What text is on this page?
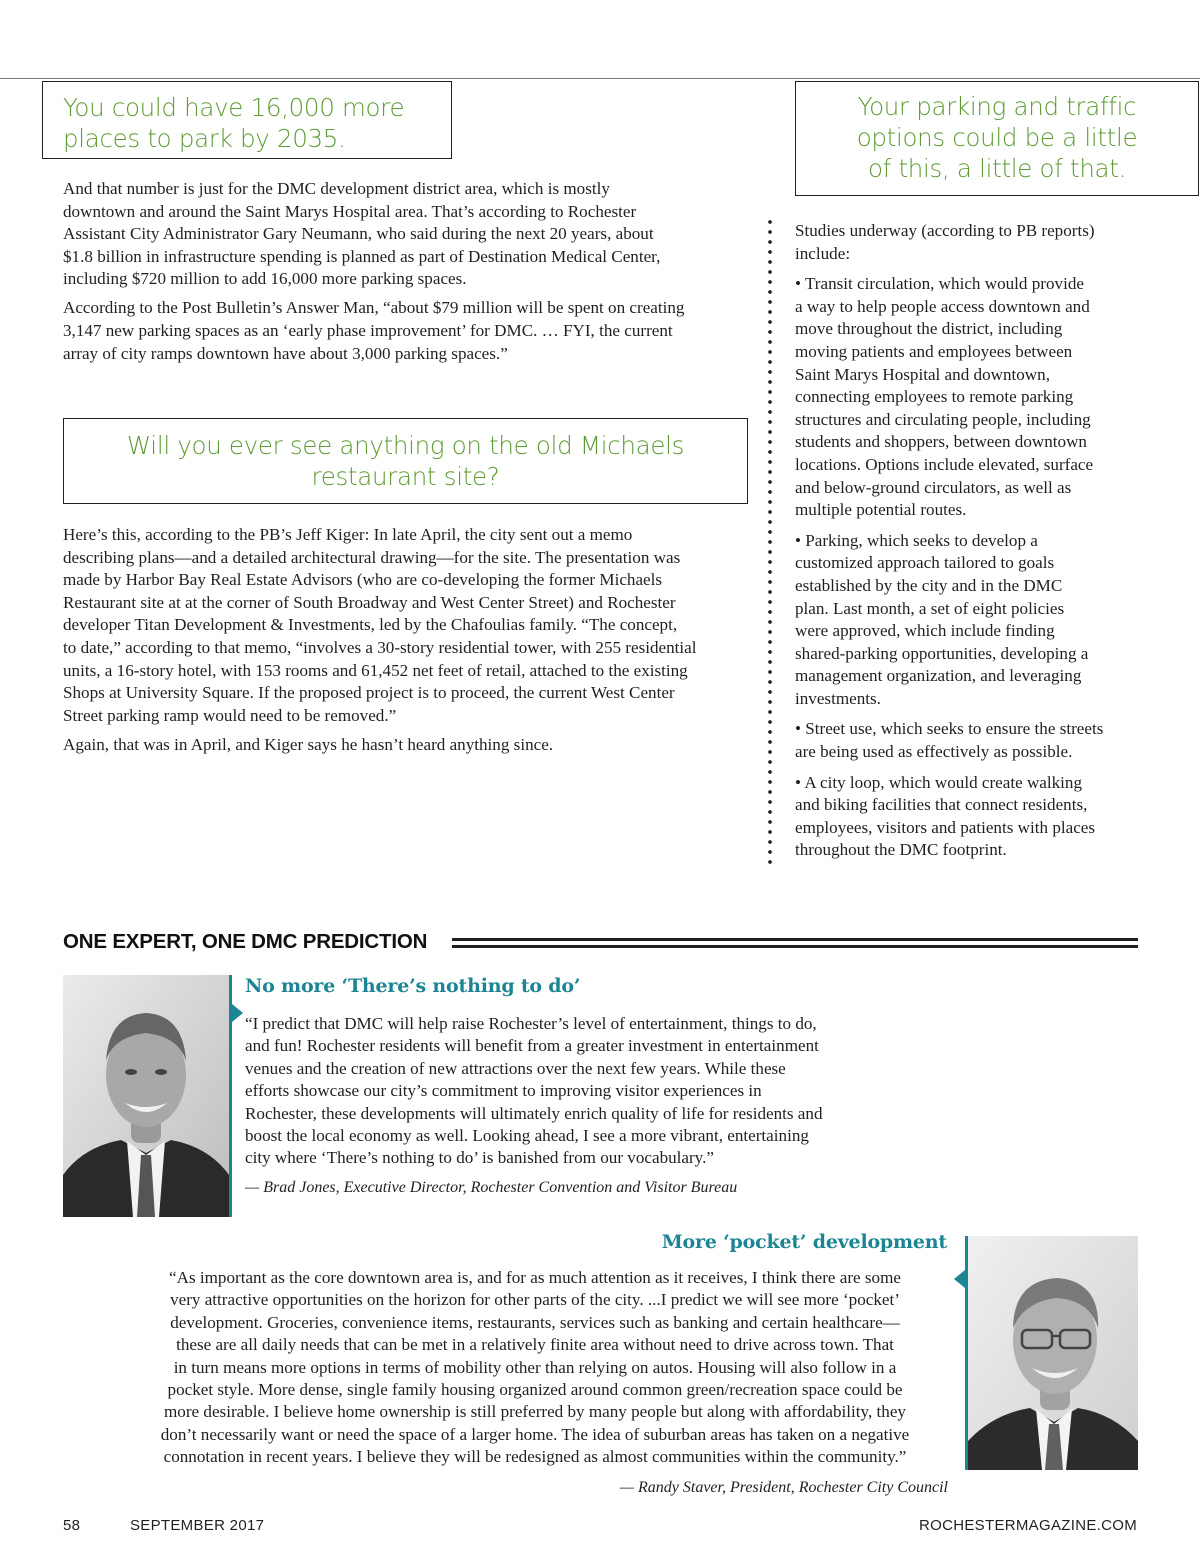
You could have 16,000 more
places to park by 2035.

And that number is just for the DMC development district area, which is mostly
downtown and around the Saint Marys Hospital area. That’s according to Rochester
Assistant City Administrator Gary Neumann, who said during the next 20 years, about
$1.8 billion in infrastructure spending is planned as part of Destination Medical Center,
including $720 million to add 16,000 more parking spaces.

According to the Post Bulletin’s Answer Man, “about $79 million will be spent on creating
3,147 new parking spaces as an ‘early phase improvement’ for DMC. … FYI, the current
array of city ramps downtown have about 3,000 parking spaces.”

Will you ever see anything on the old Michaels
restaurant site?

Here’s this, according to the PB’s Jeff Kiger: In late April, the city sent out a memo
describing plans—and a detailed architectural drawing—for the site. The presentation was
made by Harbor Bay Real Estate Advisors (who are co-developing the former Michaels
Restaurant site at at the corner of South Broadway and West Center Street) and Rochester
developer Titan Development & Investments, led by the Chafoulias family. “The concept,
to date,” according to that memo, “involves a 30-story residential tower, with 255 residential
units, a 16-story hotel, with 153 rooms and 61,452 net feet of retail, attached to the existing
Shops at University Square. If the proposed project is to proceed, the current West Center
Street parking ramp would need to be removed.”

Again, that was in April, and Kiger says he hasn’t heard anything since.

Your parking and traffic
options could be a little
of this, a little of that.

Studies underway (according to PB reports)
include:

• Transit circulation, which would provide
a way to help people access downtown and
move throughout the district, including
moving patients and employees between
Saint Marys Hospital and downtown,
connecting employees to remote parking
structures and circulating people, including
students and shoppers, between downtown
locations. Options include elevated, surface
and below-ground circulators, as well as
multiple potential routes.

• Parking, which seeks to develop a
customized approach tailored to goals
established by the city and in the DMC
plan. Last month, a set of eight policies
were approved, which include finding
shared-parking opportunities, developing a
management organization, and leveraging
investments.

• Street use, which seeks to ensure the streets
are being used as effectively as possible.

• A city loop, which would create walking
and biking facilities that connect residents,
employees, visitors and patients with places
throughout the DMC footprint.

ONE EXPERT, ONE DMC PREDICTION
No more ‘There’s nothing to do’
“I predict that DMC will help raise Rochester’s level of entertainment, things to do,
and fun! Rochester residents will benefit from a greater investment in entertainment
venues and the creation of new attractions over the next few years. While these
efforts showcase our city’s commitment to improving visitor experiences in
Rochester, these developments will ultimately enrich quality of life for residents and
boost the local economy as well. Looking ahead, I see a more vibrant, entertaining
city where ‘There’s nothing to do’ is banished from our vocabulary.”
— Brad Jones, Executive Director, Rochester Convention and Visitor Bureau
More ‘pocket’ development
“As important as the core downtown area is, and for as much attention as it receives, I think there are some
very attractive opportunities on the horizon for other parts of the city. ...I predict we will see more ‘pocket’
development. Groceries, convenience items, restaurants, services such as banking and certain healthcare—
these are all daily needs that can be met in a relatively finite area without need to drive across town. That
in turn means more options in terms of mobility other than relying on autos. Housing will also follow in a
pocket style. More dense, single family housing organized around common green/recreation space could be
more desirable. I believe home ownership is still preferred by many people but along with affordability, they
don’t necessarily want or need the space of a larger home. The idea of suburban areas has taken on a negative
connotation in recent years. I believe they will be redesigned as almost communities within the community.”
— Randy Staver, President, Rochester City Council
58	SEPTEMBER 2017	ROCHESTERMAGAZINE.COM
